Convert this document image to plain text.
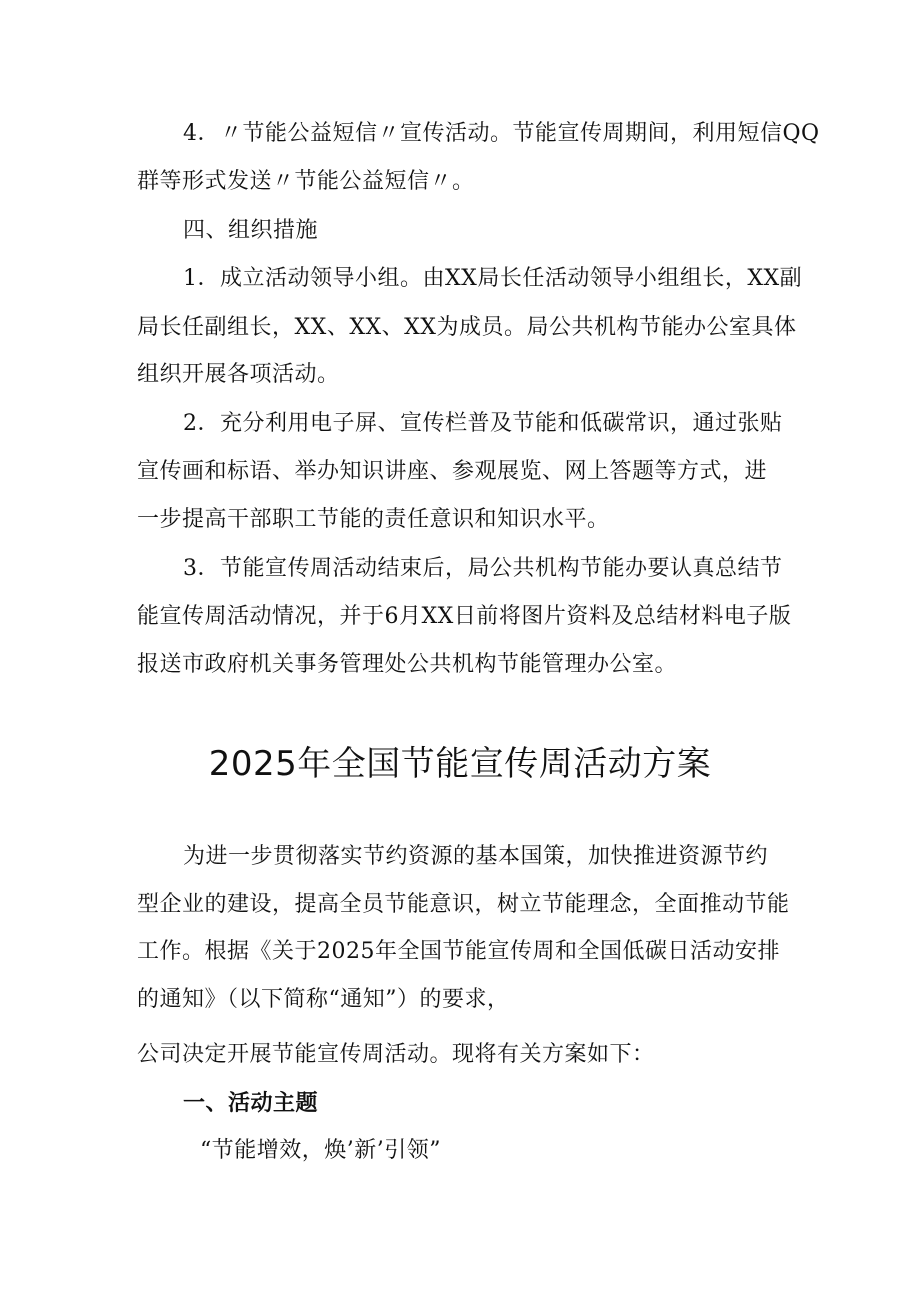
4．〃节能公益短信〃宣传活动。节能宣传周期间，利用短信QQ
群等形式发送〃节能公益短信〃。
四、组织措施
1．成立活动领导小组。由XX局长任活动领导小组组长，XX副
局长任副组长，XX、XX、XX为成员。局公共机构节能办公室具体
组织开展各项活动。
2．充分利用电子屏、宣传栏普及节能和低碳常识，通过张贴
宣传画和标语、举办知识讲座、参观展览、网上答题等方式，进
一步提高干部职工节能的责任意识和知识水平。
3．节能宣传周活动结束后，局公共机构节能办要认真总结节
能宣传周活动情况，并于6月XX日前将图片资料及总结材料电子版
报送市政府机关事务管理处公共机构节能管理办公室。
2025年全国节能宣传周活动方案
为进一步贯彻落实节约资源的基本国策，加快推进资源节约
型企业的建设，提高全员节能意识，树立节能理念，全面推动节能
工作。根据《关于2025年全国节能宣传周和全国低碳日活动安排
的通知》（以下简称“通知”）的要求，
公司决定开展节能宣传周活动。现将有关方案如下：
一、活动主题
“节能增效，焕’新’引领”
